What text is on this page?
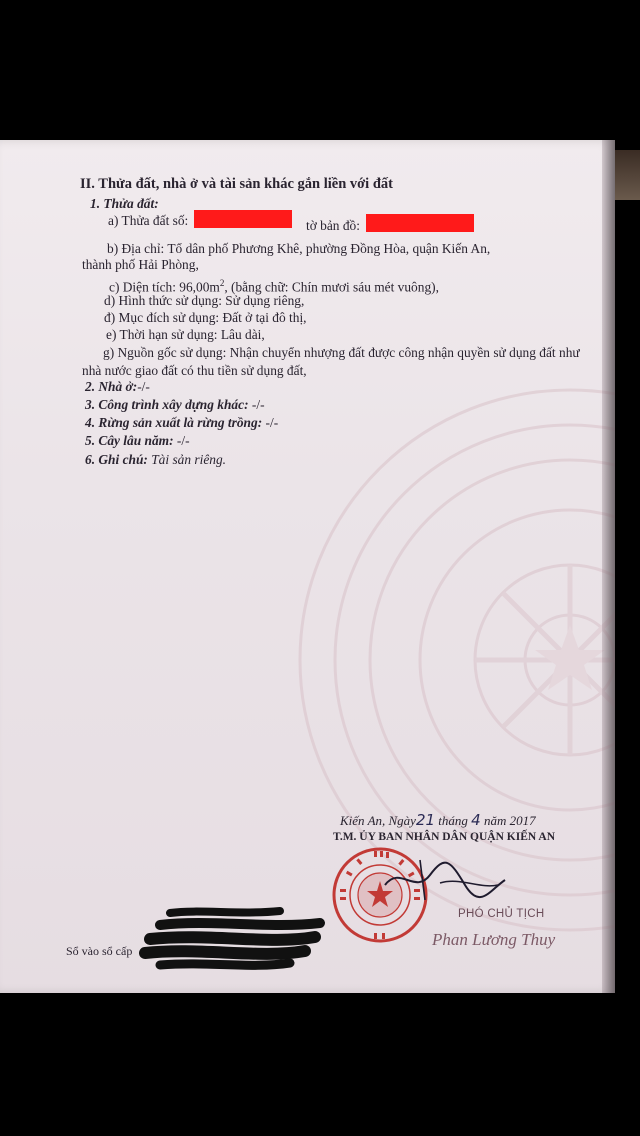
II. Thửa đất, nhà ở và tài sản khác gắn liền với đất
1. Thửa đất:
a) Thửa đất số:	tờ bản đồ:
b) Địa chỉ: Tổ dân phố Phương Khê, phường Đồng Hòa, quận Kiến An,
thành phố Hải Phòng,
c) Diện tích: $96,00m^2$, (bằng chữ: Chín mươi sáu mét vuông),
d) Hình thức sử dụng: Sử dụng riêng,
đ) Mục đích sử dụng: Đất ở tại đô thị,
e) Thời hạn sử dụng: Lâu dài,
g) Nguồn gốc sử dụng: Nhận chuyển nhượng đất được công nhận quyền sử dụng đất như
nhà nước giao đất có thu tiền sử dụng đất,
2. Nhà ở:-/-
3. Công trình xây dựng khác: -/-
4. Rừng sản xuất là rừng trồng: -/-
5. Cây lâu năm: -/-
6. Ghi chú: Tài sản riêng.
Kiến An, Ngày21 tháng 4 năm 2017
T.M. ỦY BAN NHÂN DÂN QUẬN KIẾN AN
PHÓ CHỦ TỊCH
Phan Lương Thuy
Sổ vào sổ cấp
